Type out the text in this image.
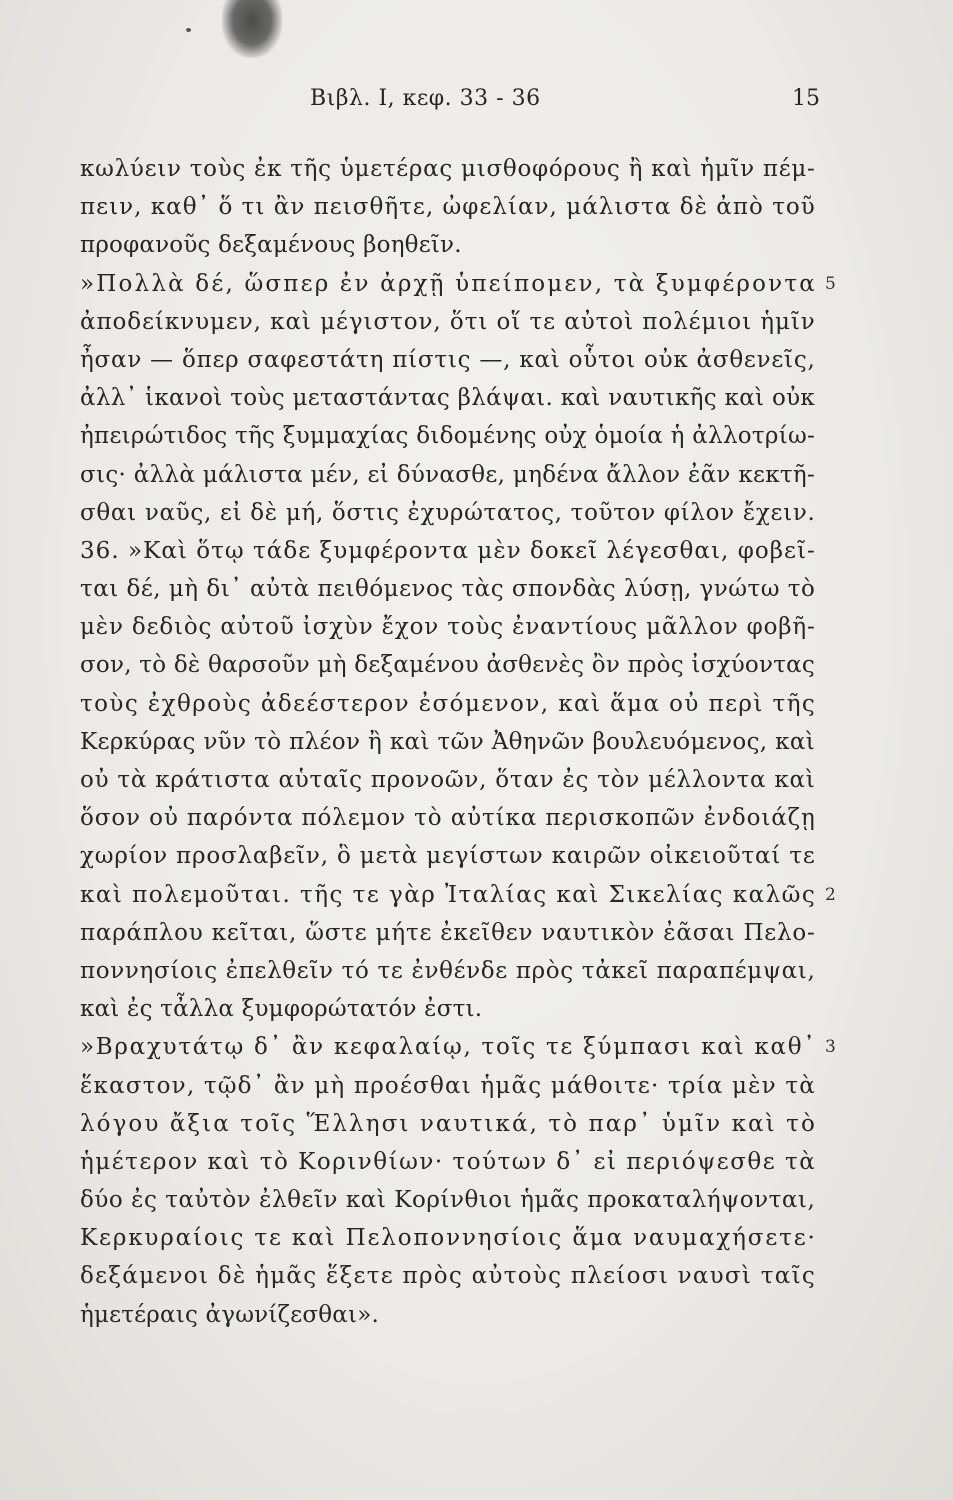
Βιβλ. Ι, κεφ. 33 - 36	15
κωλύειν τοὺς ἐκ τῆς ὑμετέρας μισθοφόρους ἢ καὶ ἡμῖν πέμ-
πειν, καθ᾽ ὅ τι ἂν πεισθῆτε, ὠφελίαν, μάλιστα δὲ ἀπὸ τοῦ
προφανοῦς δεξαμένους βοηθεῖν.
»Πολλὰ δέ, ὥσπερ ἐν ἀρχῇ ὑπείπομεν, τὰ ξυμφέροντα 5
ἀποδείκνυμεν, καὶ μέγιστον, ὅτι οἵ τε αὐτοὶ πολέμιοι ἡμῖν
ἦσαν — ὅπερ σαφεστάτη πίστις —, καὶ οὗτοι οὐκ ἀσθενεῖς,
ἀλλ᾽ ἱκανοὶ τοὺς μεταστάντας βλάψαι. καὶ ναυτικῆς καὶ οὐκ
ἠπειρώτιδος τῆς ξυμμαχίας διδομένης οὐχ ὁμοία ἡ ἀλλοτρίω-
σις· ἀλλὰ μάλιστα μέν, εἰ δύνασθε, μηδένα ἄλλον ἐᾶν κεκτῆ-
σθαι ναῦς, εἰ δὲ μή, ὅστις ἐχυρώτατος, τοῦτον φίλον ἔχειν.
36. »Καὶ ὅτῳ τάδε ξυμφέροντα μὲν δοκεῖ λέγεσθαι, φοβεῖ-
ται δέ, μὴ δι᾽ αὐτὰ πειθόμενος τὰς σπονδὰς λύσῃ, γνώτω τὸ
μὲν δεδιὸς αὐτοῦ ἰσχὺν ἔχον τοὺς ἐναντίους μᾶλλον φοβῆ-
σον, τὸ δὲ θαρσοῦν μὴ δεξαμένου ἀσθενὲς ὂν πρὸς ἰσχύοντας
τοὺς ἐχθροὺς ἀδεέστερον ἐσόμενον, καὶ ἅμα οὐ περὶ τῆς
Κερκύρας νῦν τὸ πλέον ἢ καὶ τῶν Ἀθηνῶν βουλευόμενος, καὶ
οὐ τὰ κράτιστα αὑταῖς προνοῶν, ὅταν ἐς τὸν μέλλοντα καὶ
ὅσον οὐ παρόντα πόλεμον τὸ αὐτίκα περισκοπῶν ἐνδοιάζῃ
χωρίον προσλαβεῖν, ὃ μετὰ μεγίστων καιρῶν οἰκειοῦταί τε
καὶ πολεμοῦται. τῆς τε γὰρ Ἰταλίας καὶ Σικελίας καλῶς 2
παράπλου κεῖται, ὥστε μήτε ἐκεῖθεν ναυτικὸν ἐᾶσαι Πελο-
ποννησίοις ἐπελθεῖν τό τε ἐνθένδε πρὸς τἀκεῖ παραπέμψαι,
καὶ ἐς τἆλλα ξυμφορώτατόν ἐστι.
»Βραχυτάτῳ δ᾽ ἂν κεφαλαίῳ, τοῖς τε ξύμπασι καὶ καθ᾽ 3
ἕκαστον, τῷδ᾽ ἂν μὴ προέσθαι ἡμᾶς μάθοιτε· τρία μὲν τὰ
λόγου ἄξια τοῖς Ἕλλησι ναυτικά, τὸ παρ᾽ ὑμῖν καὶ τὸ
ἡμέτερον καὶ τὸ Κορινθίων· τούτων δ᾽ εἰ περιόψεσθε τὰ
δύο ἐς ταὐτὸν ἐλθεῖν καὶ Κορίνθιοι ἡμᾶς προκαταλήψονται,
Κερκυραίοις τε καὶ Πελοποννησίοις ἅμα ναυμαχήσετε·
δεξάμενοι δὲ ἡμᾶς ἕξετε πρὸς αὐτοὺς πλείοσι ναυσὶ ταῖς
ἡμετέραις ἀγωνίζεσθαι».
